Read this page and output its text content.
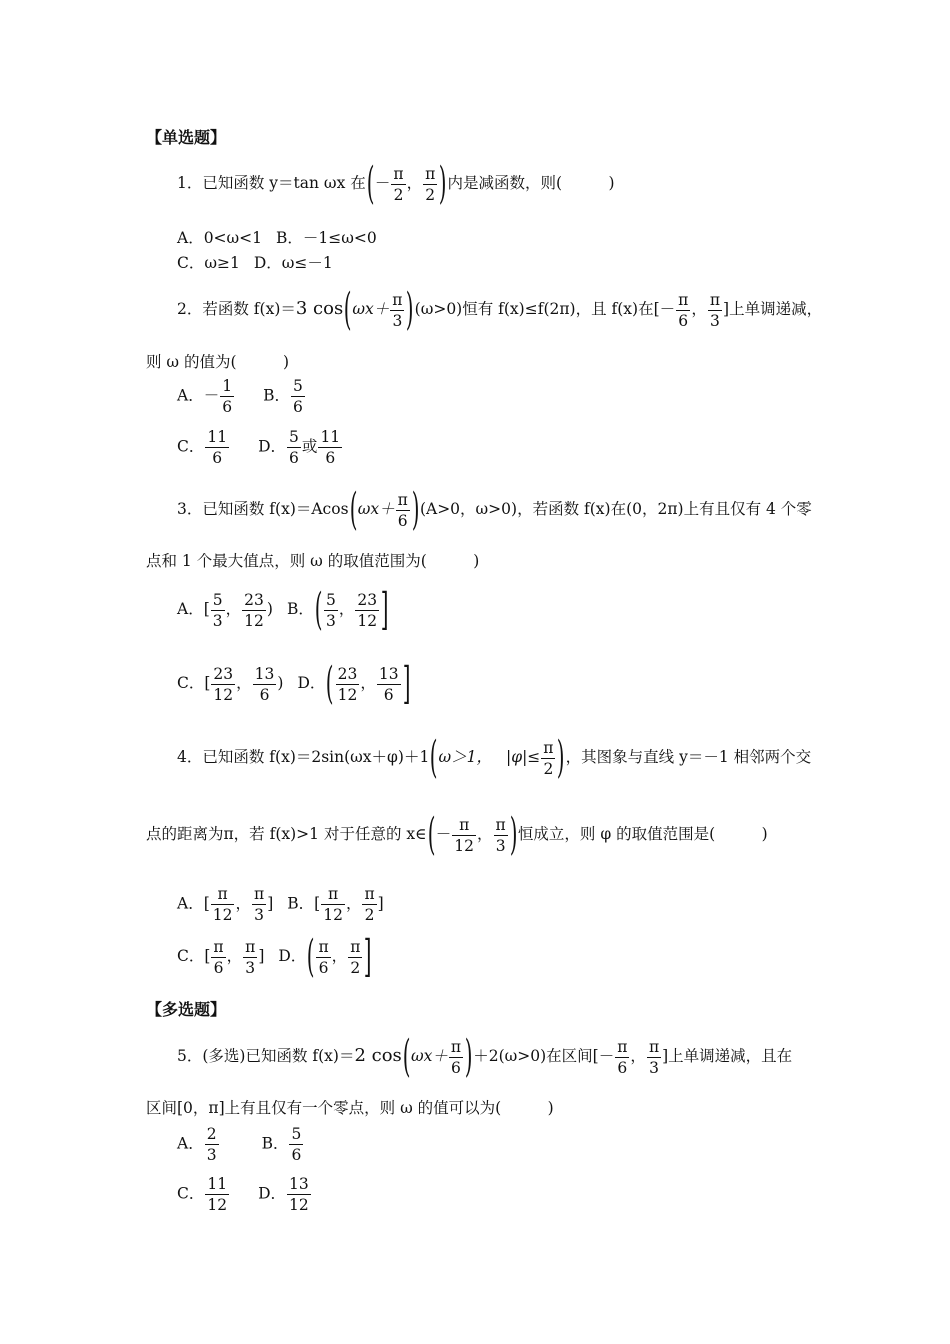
【单选题】
1．已知函数 y＝tan ωx 在(－ $\frac{\pi}{2}$ ， $\frac{\pi}{2}$ )内是减函数，则(　　　)
A．0<ω<1 B．－1≤ω<0
C．ω≥1 D．ω≤－1
2．若函数 f(x)＝3 $\cos(\omega x+ \frac{\pi}{3} )(\omega>0)$恒有 f(x)≤f(2π)，且 f(x)在[－ $\frac{\pi}{6}$ ， $\frac{\pi}{3}$ ]上单调递减，
则 ω 的值为(　　　)
A．－ $\frac{1}{6}$ B． $\frac{5}{6}$
C． $\frac{11}{6}$ D． $\frac{5}{6}$ 或 $\frac{11}{6}$
3．已知函数 $f(x)=Acos(\omega x+ \frac{\pi}{6} )(A>0$，ω>0)，若函数 f(x)在(0，2π)上有且仅有 4 个零
点和 1 个最大值点，则 ω 的取值范围为(　　　)
A．[ $\frac{5}{3}$ ， $\frac{23}{12}$ ) B．( $\frac{5}{3}$ ， $\frac{23}{12}$ ]
C．[ $\frac{23}{12}$ ， $\frac{13}{6}$ ) D．( $\frac{23}{12}$ ， $\frac{13}{6}$ ]
4．已知函数 f(x)＝2sin(ωx＋φ)＋1(ω＞1， $|\varphi|\le \frac{\pi}{2}$ )，其图象与直线 y＝－1 相邻两个交
点的距离为π，若 f(x)>1 对于任意的 x∈(－ $\frac{\pi}{12}$ ， $\frac{\pi}{3}$ )恒成立，则 φ 的取值范围是(　　　)
A．[ $\frac{\pi}{12}$ ， $\frac{\pi}{3}$ ] B．[ $\frac{\pi}{12}$ ， $\frac{\pi}{2}$ ]
C．[ $\frac{\pi}{6}$ ， $\frac{\pi}{3}$ ] D．( $\frac{\pi}{6}$ ， $\frac{\pi}{2}$ ]
【多选题】
5．(多选)已知函数 f(x)＝2 $\cos(\omega x+ \frac{\pi}{6} )+2(\omega>0)$在区间[－ $\frac{\pi}{6}$ ， $\frac{\pi}{3}$ ]上单调递减，且在
区间[0，π]上有且仅有一个零点，则 ω 的值可以为(　　　)
A． $\frac{2}{3}$	B． $\frac{5}{6}$
C． $\frac{11}{12}$ D． $\frac{13}{12}$
